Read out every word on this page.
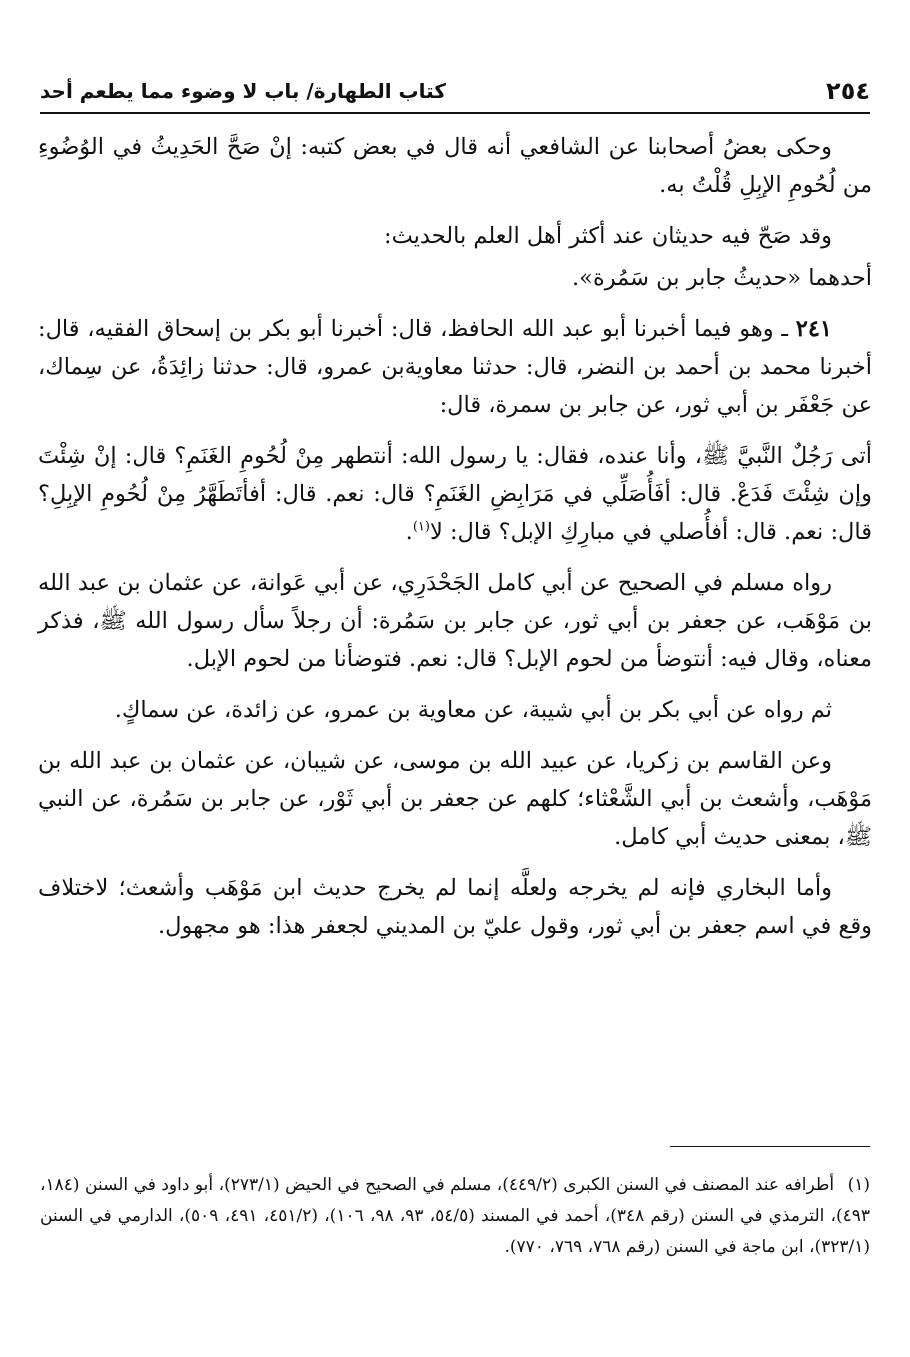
٢٥٤
كتاب الطهارة/ باب لا وضوء مما يطعم أحد

وحكى بعضُ أصحابنا عن الشافعي أنه قال في بعض كتبه: إنْ صَحَّ الحَدِيثُ في الوُضُوءِ من لُحُومِ الإبِلِ قُلْتُ به.

وقد صَحّ فيه حديثان عند أكثر أهل العلم بالحديث:

أحدهما «حديثُ جابر بن سَمُرة».

٢٤١ ـ وهو فيما أخبرنا أبو عبد الله الحافظ، قال: أخبرنا أبو بكر بن إسحاق الفقيه، قال: أخبرنا محمد بن أحمد بن النضر، قال: حدثنا معاويةبن عمرو، قال: حدثنا زائِدَةُ، عن سِماك، عن جَعْفَر بن أبي ثور، عن جابر بن سمرة، قال:

أتى رَجُلٌ النَّبيَّ ﷺ، وأنا عنده، فقال: يا رسول الله: أنتطهر مِنْ لُحُومِ الغَنَمِ؟ قال: إنْ شِئْتَ وإن شِئْتَ فَدَعْ. قال: أفَأُصَلِّي في مَرَابِضِ الغَنَمِ؟ قال: نعم. قال: أفأتَطَهَّرُ مِنْ لُحُومِ الإبِلِ؟ قال: نعم. قال: أفأُصلي في مبارِكِ الإبل؟ قال: لا$^{(١)}$.

رواه مسلم في الصحيح عن أبي كامل الجَحْدَرِي، عن أبي عَوانة، عن عثمان بن عبد الله بن مَوْهَب، عن جعفر بن أبي ثور، عن جابر بن سَمُرة: أن رجلاً سأل رسول الله ﷺ، فذكر معناه، وقال فيه: أنتوضأ من لحوم الإبل؟ قال: نعم. فتوضأنا من لحوم الإبل.

ثم رواه عن أبي بكر بن أبي شيبة، عن معاوية بن عمرو، عن زائدة، عن سماكٍ.

وعن القاسم بن زكريا، عن عبيد الله بن موسى، عن شيبان، عن عثمان بن عبد الله بن مَوْهَب، وأشعث بن أبي الشَّعْثاء؛ كلهم عن جعفر بن أبي ثَوْر، عن جابر بن سَمُرة، عن النبي ﷺ، بمعنى حديث أبي كامل.

وأما البخاري فإنه لم يخرجه ولعلَّه إنما لم يخرج حديث ابن مَوْهَب وأشعث؛ لاختلاف وقع في اسم جعفر بن أبي ثور، وقول عليّ بن المديني لجعفر هذا: هو مجهول.

(١) أطرافه عند المصنف في السنن الكبرى (٤٤٩/٢)، مسلم في الصحيح في الحيض (٢٧٣/١)، أبو داود في السنن (١٨٤، ٤٩٣)، الترمذي في السنن (رقم ٣٤٨)، أحمد في المسند (٥٤/٥، ٩٣، ٩٨، ١٠٦)، (٤٥١/٢، ٤٩١، ٥٠٩)، الدارمي في السنن (٣٢٣/١)، ابن ماجة في السنن (رقم ٧٦٨، ٧٦٩، ٧٧٠).
